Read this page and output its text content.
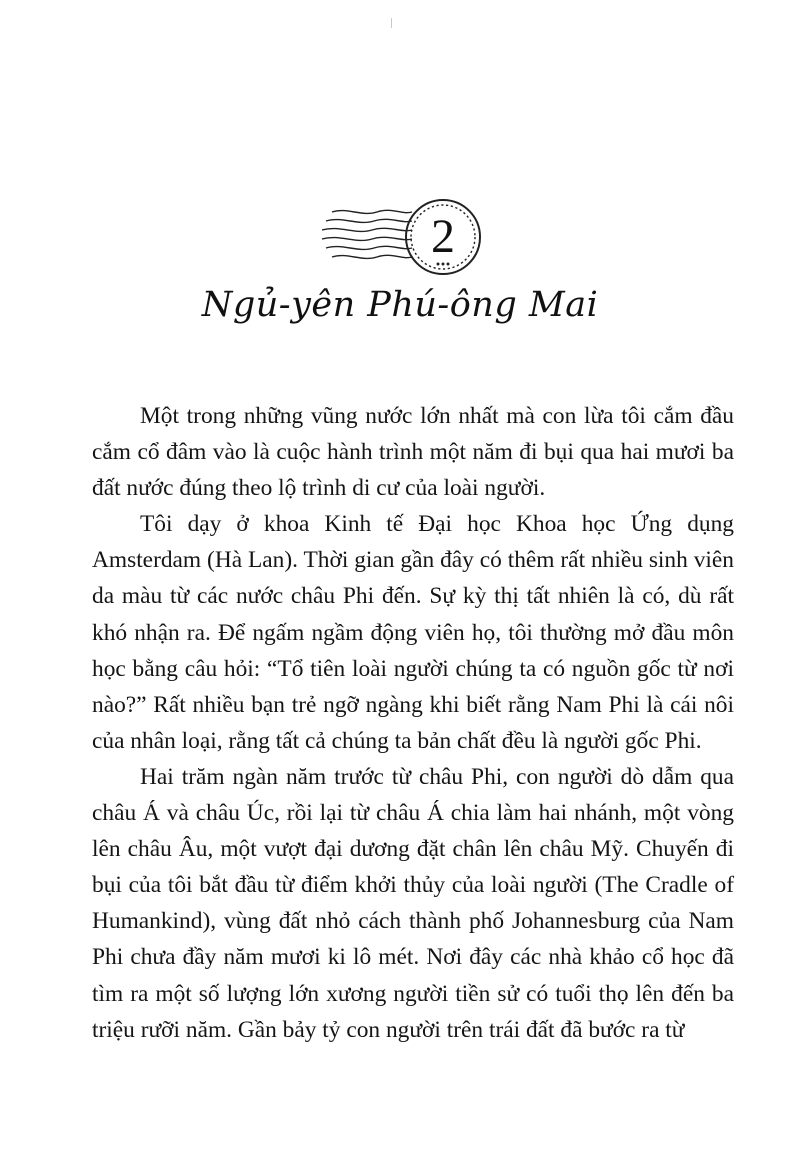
2
Ngủ-yên Phú-ông Mai

Một trong những vũng nước lớn nhất mà con lừa tôi cắm đầu cắm cổ đâm vào là cuộc hành trình một năm đi bụi qua hai mươi ba đất nước đúng theo lộ trình di cư của loài người.

Tôi dạy ở khoa Kinh tế Đại học Khoa học Ứng dụng Amsterdam (Hà Lan). Thời gian gần đây có thêm rất nhiều sinh viên da màu từ các nước châu Phi đến. Sự kỳ thị tất nhiên là có, dù rất khó nhận ra. Để ngấm ngầm động viên họ, tôi thường mở đầu môn học bằng câu hỏi: “Tổ tiên loài người chúng ta có nguồn gốc từ nơi nào?” Rất nhiều bạn trẻ ngỡ ngàng khi biết rằng Nam Phi là cái nôi của nhân loại, rằng tất cả chúng ta bản chất đều là người gốc Phi.

Hai trăm ngàn năm trước từ châu Phi, con người dò dẫm qua châu Á và châu Úc, rồi lại từ châu Á chia làm hai nhánh, một vòng lên châu Âu, một vượt đại dương đặt chân lên châu Mỹ. Chuyến đi bụi của tôi bắt đầu từ điểm khởi thủy của loài người (The Cradle of Humankind), vùng đất nhỏ cách thành phố Johannesburg của Nam Phi chưa đầy năm mươi ki lô mét. Nơi đây các nhà khảo cổ học đã tìm ra một số lượng lớn xương người tiền sử có tuổi thọ lên đến ba triệu rưỡi năm. Gần bảy tỷ con người trên trái đất đã bước ra từ
